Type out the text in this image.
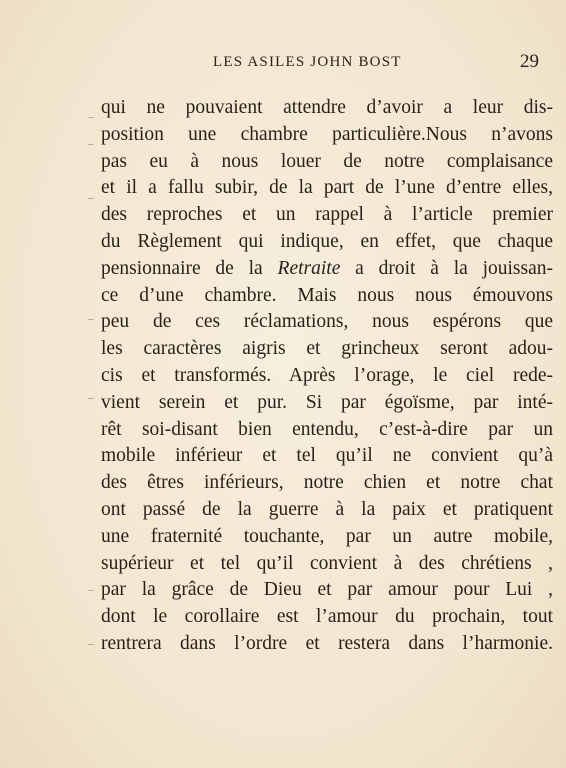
LES ASILES JOHN BOST	29
qui ne pouvaient attendre d’avoir a leur dis-
position une chambre particulière.Nous n’avons
pas eu à nous louer de notre complaisance
et il a fallu subir, de la part de l’une d’entre elles,
des reproches et un rappel à l’article premier
du Règlement qui indique, en effet, que chaque
pensionnaire de la Retraite a droit à la jouissan-
ce d’une chambre. Mais nous nous émouvons
peu de ces réclamations, nous espérons que
les caractères aigris et grincheux seront adou-
cis et transformés. Après l’orage, le ciel rede-
vient serein et pur. Si par égoïsme, par inté-
rêt soi-disant bien entendu, c’est-à-dire par un
mobile inférieur et tel qu’il ne convient qu’à
des êtres inférieurs, notre chien et notre chat
ont passé de la guerre à la paix et pratiquent
une fraternité touchante, par un autre mobile,
supérieur et tel qu’il convient à des chrétiens ,
par la grâce de Dieu et par amour pour Lui ,
dont le corollaire est l’amour du prochain, tout
rentrera dans l’ordre et restera dans l’harmonie.
